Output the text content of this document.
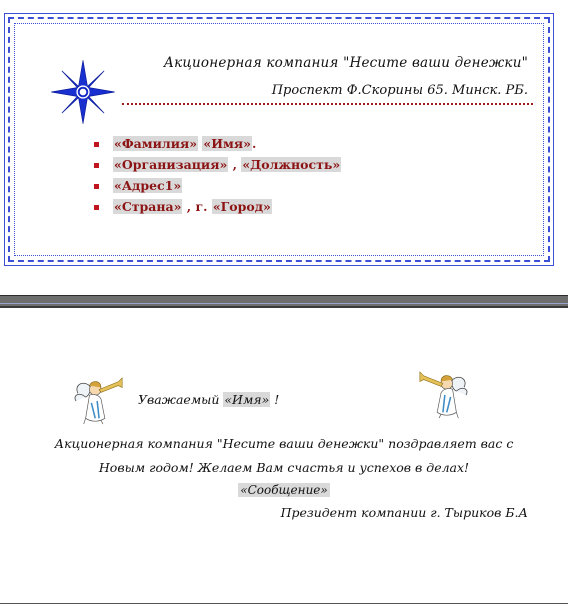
Акционерная компания "Несите ваши денежки"
Проспект Ф.Скорины 65. Минск. РБ.
«Фамилия» «Имя».
«Организация» , «Должность»
«Адрес1»
«Страна» , г. «Город»
Уважаемый «Имя» !
Акционерная компания "Несите ваши денежки" поздравляет вас с
Новым годом! Желаем Вам счастья и успехов в делах!
«Сообщение»
Президент компании г. Тыриков Б.А
